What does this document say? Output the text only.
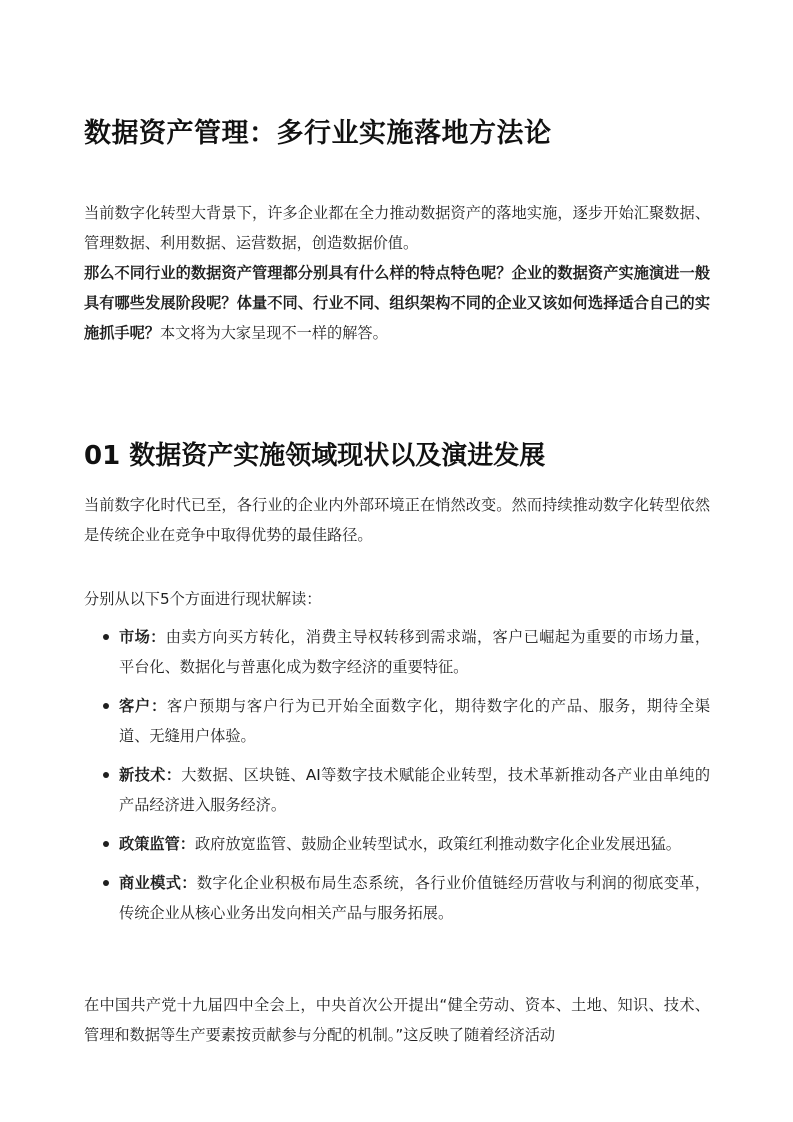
数据资产管理：多行业实施落地方法论

当前数字化转型大背景下，许多企业都在全力推动数据资产的落地实施，逐步开始汇聚数据、管理数据、利用数据、运营数据，创造数据价值。

那么不同行业的数据资产管理都分别具有什么样的特点特色呢？企业的数据资产实施演进一般具有哪些发展阶段呢？体量不同、行业不同、组织架构不同的企业又该如何选择适合自己的实施抓手呢？本文将为大家呈现不一样的解答。

01 数据资产实施领域现状以及演进发展

当前数字化时代已至，各行业的企业内外部环境正在悄然改变。然而持续推动数字化转型依然是传统企业在竞争中取得优势的最佳路径。

分别从以下5个方面进行现状解读：

市场：由卖方向买方转化，消费主导权转移到需求端，客户已崛起为重要的市场力量，平台化、数据化与普惠化成为数字经济的重要特征。
客户：客户预期与客户行为已开始全面数字化，期待数字化的产品、服务，期待全渠道、无缝用户体验。
新技术：大数据、区块链、AI等数字技术赋能企业转型，技术革新推动各产业由单纯的产品经济进入服务经济。
政策监管：政府放宽监管、鼓励企业转型试水，政策红利推动数字化企业发展迅猛。
商业模式：数字化企业积极布局生态系统，各行业价值链经历营收与利润的彻底变革，传统企业从核心业务出发向相关产品与服务拓展。

在中国共产党十九届四中全会上，中央首次公开提出“健全劳动、资本、土地、知识、技术、管理和数据等生产要素按贡献参与分配的机制。”这反映了随着经济活动
